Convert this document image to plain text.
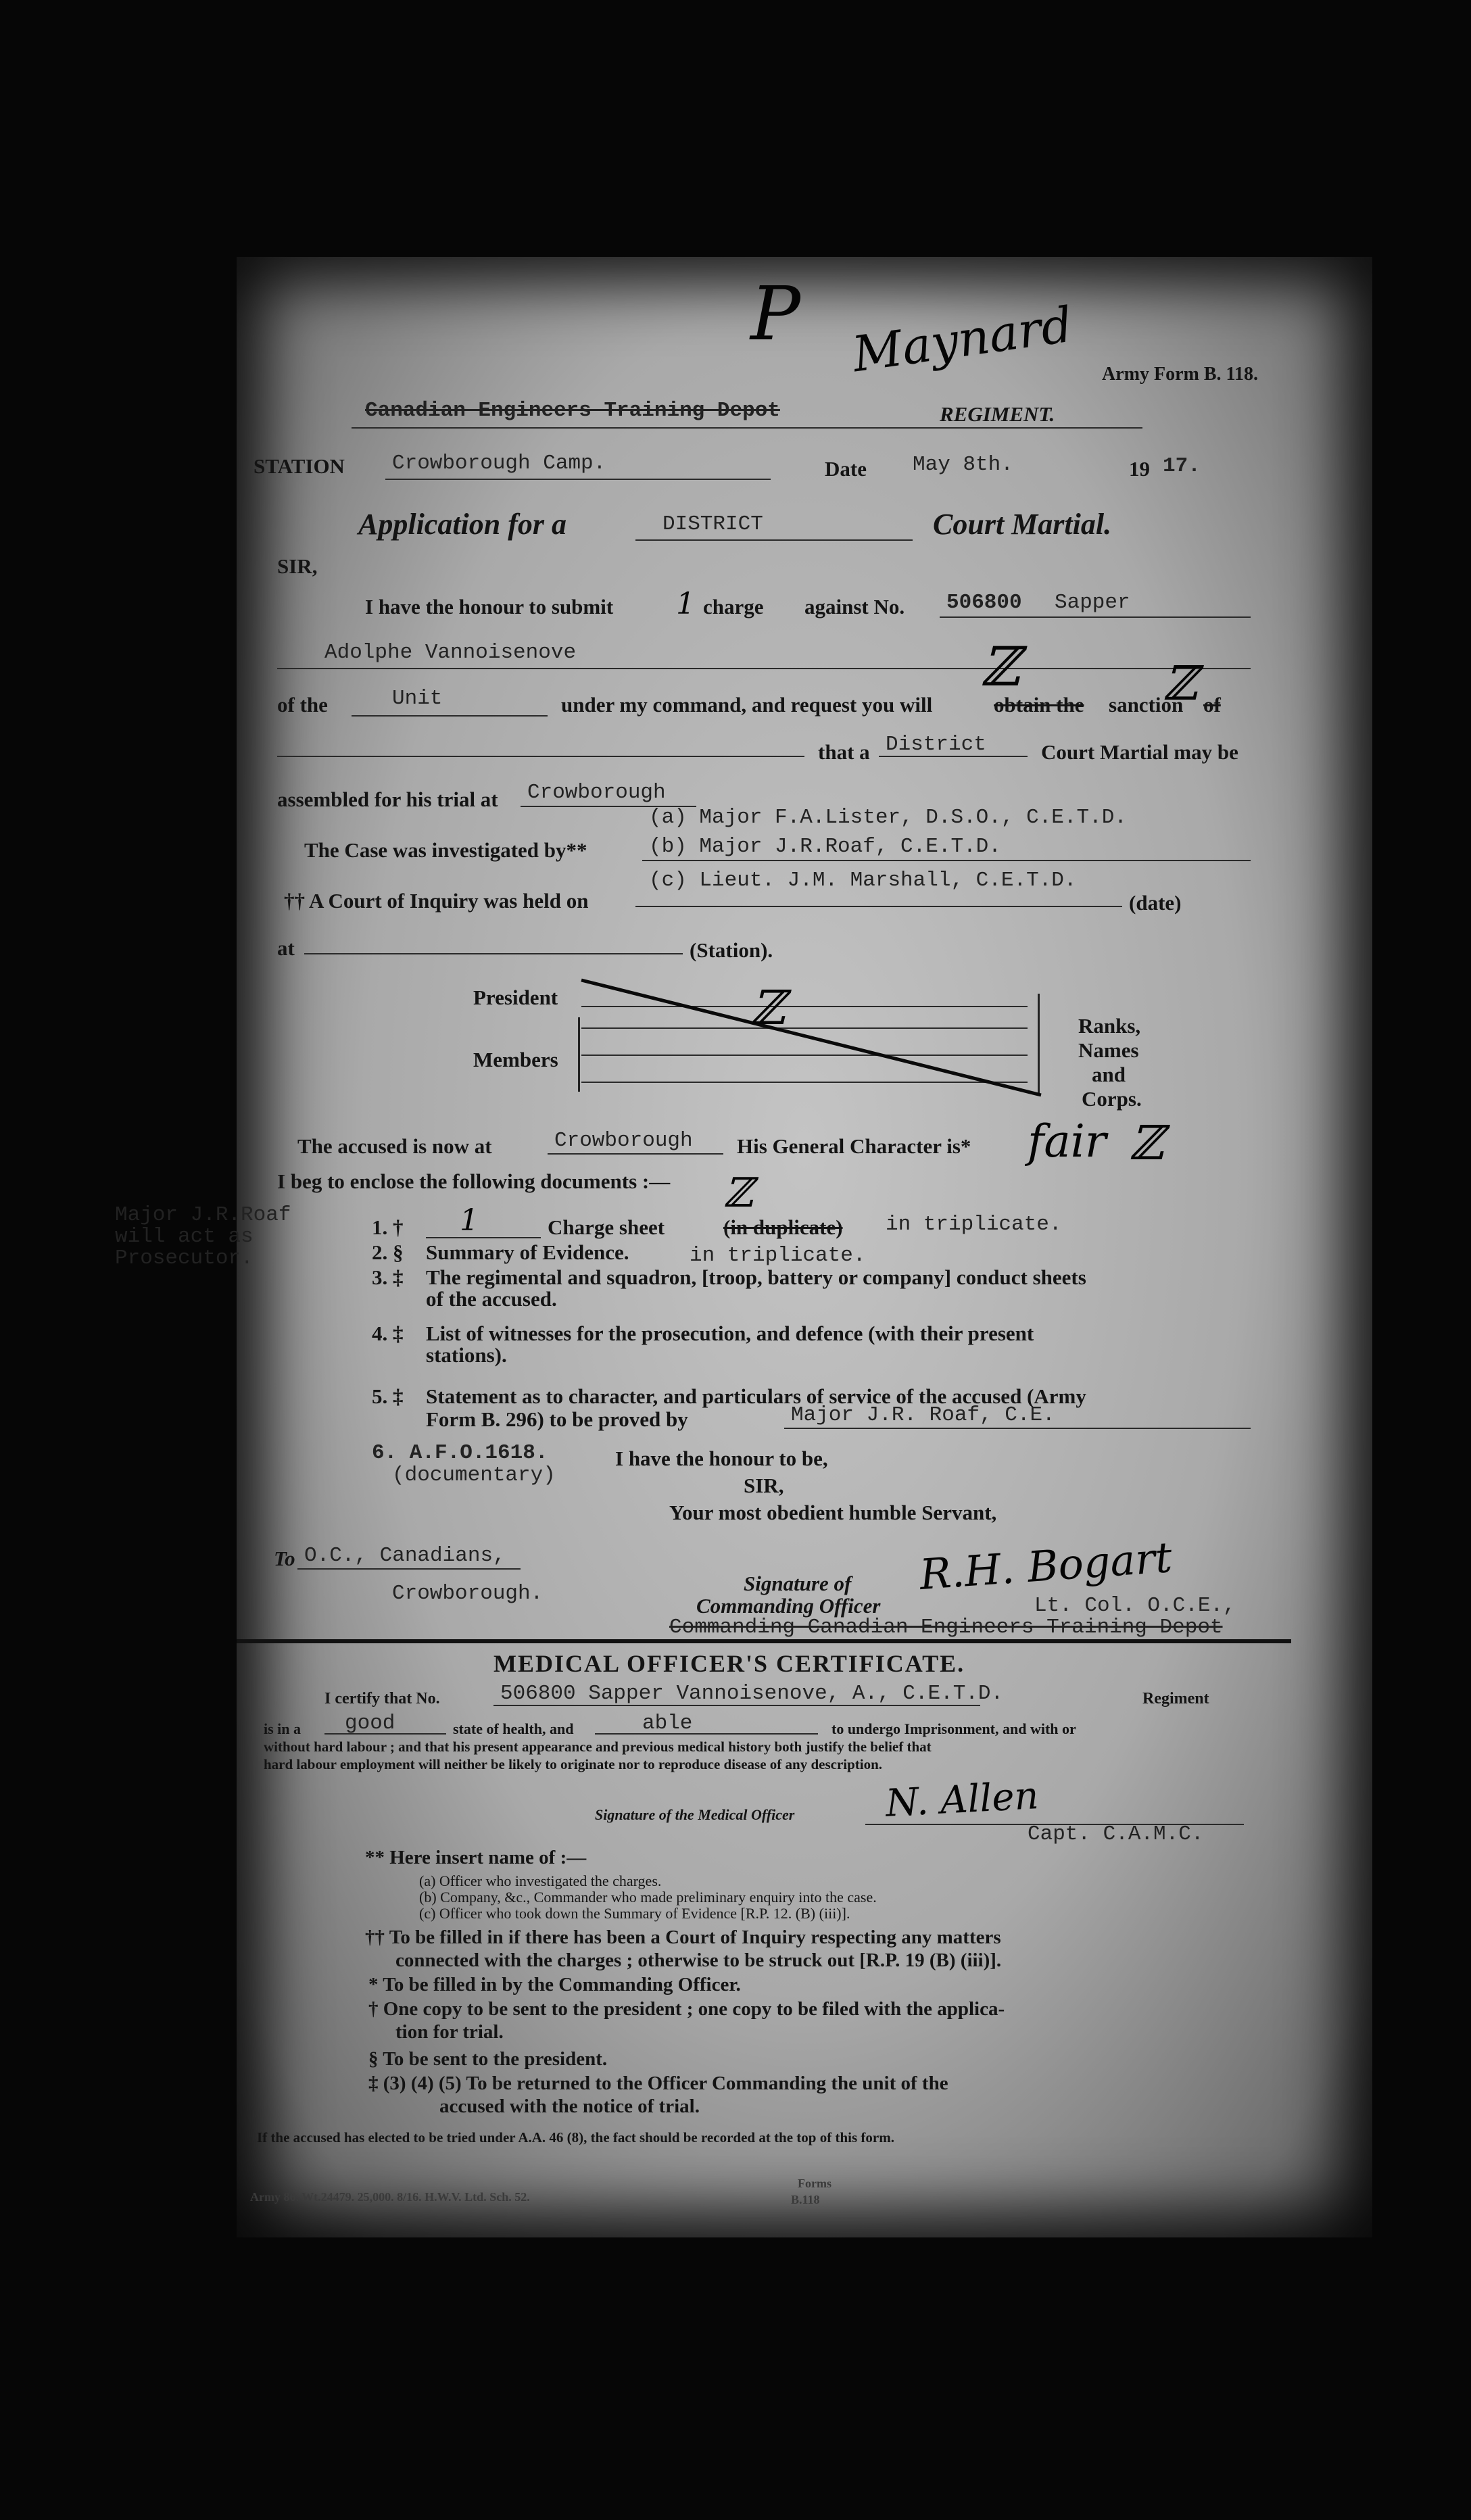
P Maynard Army Form B. 118.
Canadian Engineers Training Depot	REGIMENT.
STATION Crowborough Camp.	Date May 8th.	19 17.
Application for a	DISTRICT	Court Martial.
SIR,
I have the honour to submit 1 charge against No. 506800 Sapper
Adolphe Vannoisenove	ℤ	ℤ
of the	Unit	under my command, and request you will	obtain the sanction of
that a District	Court Martial may be
assembled for his trial at Crowborough
(a) Major F.A.Lister, D.S.O., C.E.T.D.
The Case was investigated by**	(b) Major J.R.Roaf, C.E.T.D.
(c) Lieut. J.M. Marshall, C.E.T.D.
†† A Court of Inquiry was held on	(date)
at	(Station).
President
Members
ℤ	Ranks,
Names
and
Corps.
The accused is now at	Crowborough His General Character is* fair ℤ
I beg to enclose the following documents :—
Major J.R.Roaf
will act as
Prosecutor.
1. † 1	Charge sheet	(in duplicate) in triplicate.
ℤ
2. § Summary of Evidence.	in triplicate.
3. ‡ The regimental and squadron, [troop, battery or company] conduct sheets
of the accused.
4. ‡ List of witnesses for the prosecution, and defence (with their present
stations).
5. ‡ Statement as to character, and particulars of service of the accused (Army
Form B. 296) to be proved by	Major J.R. Roaf, C.E.
6. A.F.O.1618.
(documentary)
I have the honour to be,
SIR,
Your most obedient humble Servant,
To O.C., Canadians,
Crowborough.	Signature of
Commanding Officer
R.H. Bogart
Lt. Col. O.C.E.,
Commanding Canadian Engineers Training Depot
MEDICAL OFFICER'S CERTIFICATE.
I certify that No.	506800 Sapper Vannoisenove, A., C.E.T.D.	Regiment
is in a good	state of health, and	able	to undergo Imprisonment, and with or
without hard labour ; and that his present appearance and previous medical history both justify the belief that
hard labour employment will neither be likely to originate nor to reproduce disease of any description.
Signature of the Medical Officer N. Allen
Capt. C.A.M.C.
** Here insert name of :—
(a) Officer who investigated the charges.
(b) Company, &c., Commander who made preliminary enquiry into the case.
(c) Officer who took down the Summary of Evidence [R.P. 12. (B) (iii)].
†† To be filled in if there has been a Court of Inquiry respecting any matters
connected with the charges ; otherwise to be struck out [R.P. 19 (B) (iii)].
* To be filled in by the Commanding Officer.
† One copy to be sent to the president ; one copy to be filed with the applica-
tion for trial.
§ To be sent to the president.
‡ (3) (4) (5) To be returned to the Officer Commanding the unit of the
accused with the notice of trial.
If the accused has elected to be tried under A.A. 46 (8), the fact should be recorded at the top of this form.
Army 86. Wt.24479. 25,000. 8/16. H.W.V. Ltd. Sch. 52.
Forms
B.118
